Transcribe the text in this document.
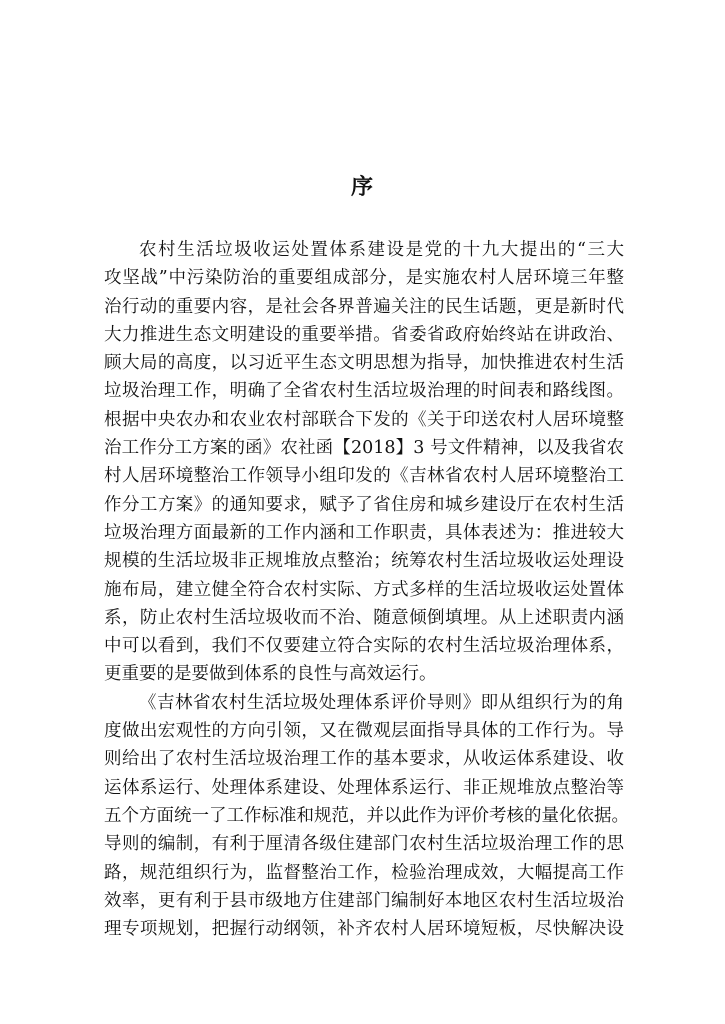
序

农村生活垃圾收运处置体系建设是党的十九大提出的“三大
攻坚战”中污染防治的重要组成部分，是实施农村人居环境三年整
治行动的重要内容，是社会各界普遍关注的民生话题，更是新时代
大力推进生态文明建设的重要举措。省委省政府始终站在讲政治、
顾大局的高度，以习近平生态文明思想为指导，加快推进农村生活
垃圾治理工作，明确了全省农村生活垃圾治理的时间表和路线图。
根据中央农办和农业农村部联合下发的《关于印送农村人居环境整
治工作分工方案的函》农社函【2018】3 号文件精神，以及我省农
村人居环境整治工作领导小组印发的《吉林省农村人居环境整治工
作分工方案》的通知要求，赋予了省住房和城乡建设厅在农村生活
垃圾治理方面最新的工作内涵和工作职责，具体表述为：推进较大
规模的生活垃圾非正规堆放点整治；统筹农村生活垃圾收运处理设
施布局，建立健全符合农村实际、方式多样的生活垃圾收运处置体
系，防止农村生活垃圾收而不治、随意倾倒填埋。从上述职责内涵
中可以看到，我们不仅要建立符合实际的农村生活垃圾治理体系，
更重要的是要做到体系的良性与高效运行。

《吉林省农村生活垃圾处理体系评价导则》即从组织行为的角
度做出宏观性的方向引领，又在微观层面指导具体的工作行为。导
则给出了农村生活垃圾治理工作的基本要求，从收运体系建设、收
运体系运行、处理体系建设、处理体系运行、非正规堆放点整治等
五个方面统一了工作标准和规范，并以此作为评价考核的量化依据。
导则的编制，有利于厘清各级住建部门农村生活垃圾治理工作的思
路，规范组织行为，监督整治工作，检验治理成效，大幅提高工作
效率，更有利于县市级地方住建部门编制好本地区农村生活垃圾治
理专项规划，把握行动纲领，补齐农村人居环境短板，尽快解决设
